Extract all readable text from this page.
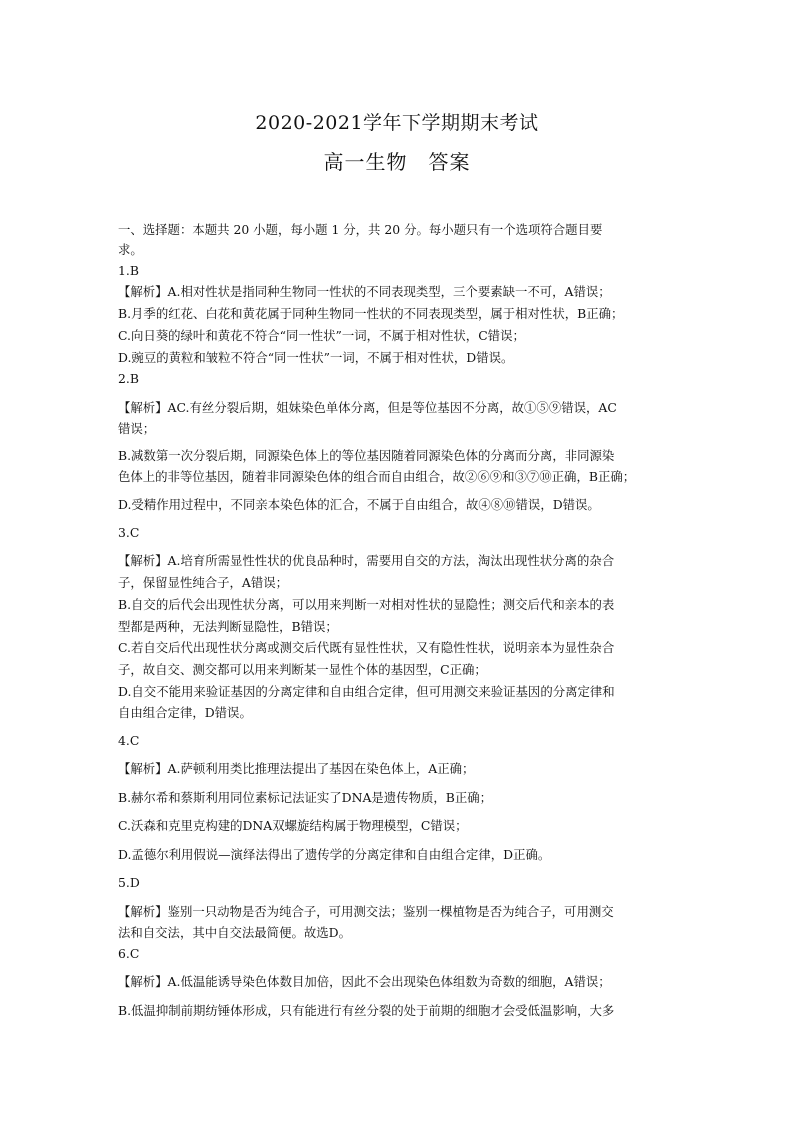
2020-2021学年下学期期末考试
高一生物　答案
一、选择题：本题共 20 小题，每小题 1 分，共 20 分。每小题只有一个选项符合题目要
求。
1.B
【解析】A.相对性状是指同种生物同一性状的不同表现类型，三个要素缺一不可，A错误；
B.月季的红花、白花和黄花属于同种生物同一性状的不同表现类型，属于相对性状，B正确；
C.向日葵的绿叶和黄花不符合“同一性状”一词，不属于相对性状，C错误；
D.豌豆的黄粒和皱粒不符合“同一性状”一词，不属于相对性状，D错误。
2.B
【解析】AC.有丝分裂后期，姐妹染色单体分离，但是等位基因不分离，故①⑤⑨错误，AC
错误；
B.减数第一次分裂后期，同源染色体上的等位基因随着同源染色体的分离而分离，非同源染
色体上的非等位基因，随着非同源染色体的组合而自由组合，故②⑥⑨和③⑦⑩正确，B正确；
D.受精作用过程中，不同亲本染色体的汇合，不属于自由组合，故④⑧⑩错误，D错误。
3.C
【解析】A.培育所需显性性状的优良品种时，需要用自交的方法，淘汰出现性状分离的杂合
子，保留显性纯合子，A错误；
B.自交的后代会出现性状分离，可以用来判断一对相对性状的显隐性；测交后代和亲本的表
型都是两种，无法判断显隐性，B错误；
C.若自交后代出现性状分离或测交后代既有显性性状，又有隐性性状，说明亲本为显性杂合
子，故自交、测交都可以用来判断某一显性个体的基因型，C正确；
D.自交不能用来验证基因的分离定律和自由组合定律，但可用测交来验证基因的分离定律和
自由组合定律，D错误。
4.C
【解析】A.萨顿利用类比推理法提出了基因在染色体上，A正确；
B.赫尔希和蔡斯利用同位素标记法证实了DNA是遗传物质，B正确；
C.沃森和克里克构建的DNA双螺旋结构属于物理模型，C错误；
D.孟德尔利用假说—演绎法得出了遗传学的分离定律和自由组合定律，D正确。
5.D
【解析】鉴别一只动物是否为纯合子，可用测交法；鉴别一棵植物是否为纯合子，可用测交
法和自交法，其中自交法最简便。故选D。
6.C
【解析】A.低温能诱导染色体数目加倍，因此不会出现染色体组数为奇数的细胞，A错误；
B.低温抑制前期纺锤体形成，只有能进行有丝分裂的处于前期的细胞才会受低温影响，大多
